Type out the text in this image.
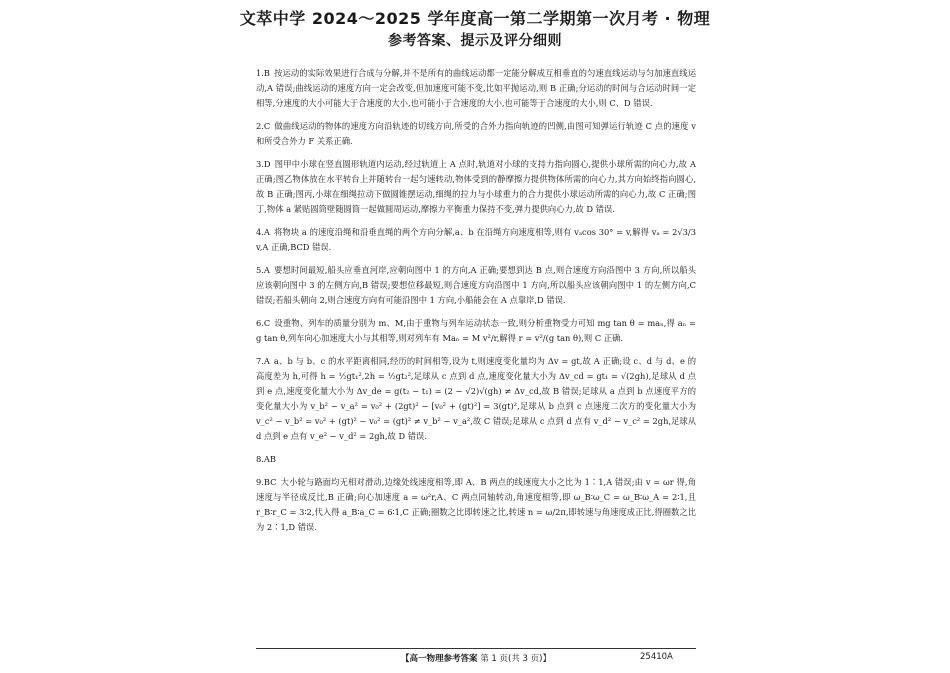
文萃中学 2024～2025 学年度高一第二学期第一次月考 · 物理
参考答案、提示及评分细则
1.B 按运动的实际效果进行合成与分解,并不是所有的曲线运动都一定能分解成互相垂直的匀速直线运动与匀加速直线运动,A 错误;曲线运动的速度方向一定会改变,但加速度可能不变,比如平抛运动,则 B 正确;分运动的时间与合运动时间一定相等,分速度的大小可能大于合速度的大小,也可能小于合速度的大小,也可能等于合速度的大小,则 C、D 错误.
2.C 做曲线运动的物体的速度方向沿轨迹的切线方向,所受的合外力指向轨迹的凹侧,由图可知弹运行轨迹 C 点的速度 v 和所受合外力 F 关系正确.
3.D 图甲中小球在竖直圆形轨道内运动,经过轨道上 A 点时,轨道对小球的支持力指向圆心,提供小球所需的向心力,故 A 正确;图乙物体放在水平转台上并随转台一起匀速转动,物体受到的静摩擦力提供物体所需的向心力,其方向始终指向圆心,故 B 正确;图丙,小球在细绳拉动下做圆锥摆运动,细绳的拉力与小球重力的合力提供小球运动所需的向心力,故 C 正确;图丁,物体 a 紧贴圆筒壁随圆筒一起做圆周运动,摩擦力平衡重力保持不变,弹力提供向心力,故 D 错误.
4.A 将物块 a 的速度沿绳和沿垂直绳的两个方向分解,a、b 在沿绳方向速度相等,则有 vₐcos 30° = v,解得 vₐ = 2√3/3 v,A 正确,BCD 错误.
5.A 要想时间最短,船头应垂直河岸,应朝向图中 1 的方向,A 正确;要想到达 B 点,则合速度方向沿图中 3 方向,所以船头应该朝向图中 3 的左侧方向,B 错误;要想位移最短,则合速度方向沿图中 1 方向,所以船头应该朝向图中 1 的左侧方向,C 错误;若船头朝向 2,则合速度方向有可能沿图中 1 方向,小船能会在 A 点靠岸,D 错误.
6.C 设重物、列车的质量分别为 m、M,由于重物与列车运动状态一致,则分析重物受力可知 mg tan θ = maₙ,得 aₙ = g tan θ,列车向心加速度大小与其相等,则对列车有 Maₙ = M v²/r,解得 r = v²/(g tan θ),则 C 正确.
7.A a、b 与 b、c 的水平距离相同,经历的时间相等,设为 t,则速度变化量均为 Δv = gt,故 A 正确;设 c、d 与 d、e 的高度差为 h,可得 h = ½gt₁²,2h = ½gt₂²,足球从 c 点到 d 点,速度变化量大小为 Δv_cd = gt₁ = √(2gh),足球从 d 点到 e 点,速度变化量大小为 Δv_de = g(t₂ − t₁) = (2 − √2)√(gh) ≠ Δv_cd,故 B 错误;足球从 a 点到 b 点速度平方的变化量大小为 v_b² − v_a² = v₀² + (2gt)² − [v₀² + (gt)²] = 3(gt)²,足球从 b 点到 c 点速度二次方的变化量大小为 v_c² − v_b² = v₀² + (gt)² − v₀² = (gt)² ≠ v_b² − v_a²,故 C 错误;足球从 c 点到 d 点有 v_d² − v_c² = 2gh,足球从 d 点到 e 点有 v_e² − v_d² = 2gh,故 D 错误.
8.AB
9.BC 大小轮与路面均无相对滑动,边缘处线速度相等,即 A、B 两点的线速度大小之比为 1∶1,A 错误;由 v = ωr 得,角速度与半径成反比,B 正确;向心加速度 a = ω²r,A、C 两点同轴转动,角速度相等,即 ω_B∶ω_C = ω_B∶ω_A = 2∶1,且 r_B∶r_C = 3∶2,代入得 a_B∶a_C = 6∶1,C 正确;圈数之比即转速之比,转速 n = ω/2π,即转速与角速度成正比,得圈数之比为 2∶1,D 错误.
【高一物理参考答案 第 1 页(共 3 页)】	25410A
